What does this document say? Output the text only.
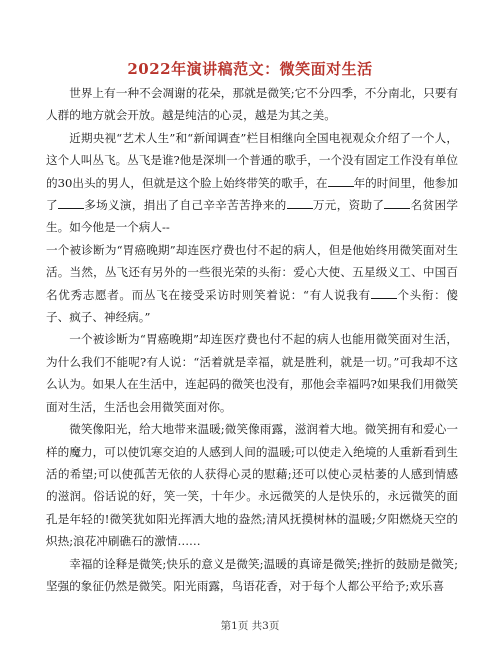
2022年演讲稿范文：微笑面对生活

世界上有一种不会凋谢的花朵，那就是微笑;它不分四季，不分南北，只要有人群的地方就会开放。越是纯洁的心灵，越是为其之美。

近期央视“艺术人生”和“新闻调查”栏目相继向全国电视观众介绍了一个人，这个人叫丛飞。丛飞是谁?他是深圳一个普通的歌手，一个没有固定工作没有单位的30出头的男人，但就是这个脸上始终带笑的歌手，在 年的时间里，他参加了 多场义演，捐出了自己辛辛苦苦挣来的 万元，资助了 名贫困学生。如今他是一个病人--

一个被诊断为“胃癌晚期”却连医疗费也付不起的病人，但是他始终用微笑面对生活。当然，丛飞还有另外的一些很光荣的头衔：爱心大使、五星级义工、中国百名优秀志愿者。而丛飞在接受采访时则笑着说：“有人说我有 个头衔：傻子、疯子、神经病。”

一个被诊断为“胃癌晚期”却连医疗费也付不起的病人也能用微笑面对生活，为什么我们不能呢?有人说：“活着就是幸福，就是胜利，就是一切。”可我却不这么认为。如果人在生活中，连起码的微笑也没有，那他会幸福吗?如果我们用微笑面对生活，生活也会用微笑面对你。

微笑像阳光，给大地带来温暖;微笑像雨露，滋润着大地。微笑拥有和爱心一样的魔力，可以使饥寒交迫的人感到人间的温暖;可以使走入绝境的人重新看到生活的希望;可以使孤苦无依的人获得心灵的慰藉;还可以使心灵枯萎的人感到情感的滋润。俗话说的好，笑一笑，十年少。永远微笑的人是快乐的，永远微笑的面孔是年轻的!微笑犹如阳光挥洒大地的盎然;清风抚摸树林的温暖;夕阳燃烧天空的炽热;浪花冲刷礁石的激情……

幸福的诠释是微笑;快乐的意义是微笑;温暖的真谛是微笑;挫折的鼓励是微笑;坚强的象征仍然是微笑。阳光雨露，鸟语花香，对于每个人都公平给予;欢乐喜

第1页 共3页
